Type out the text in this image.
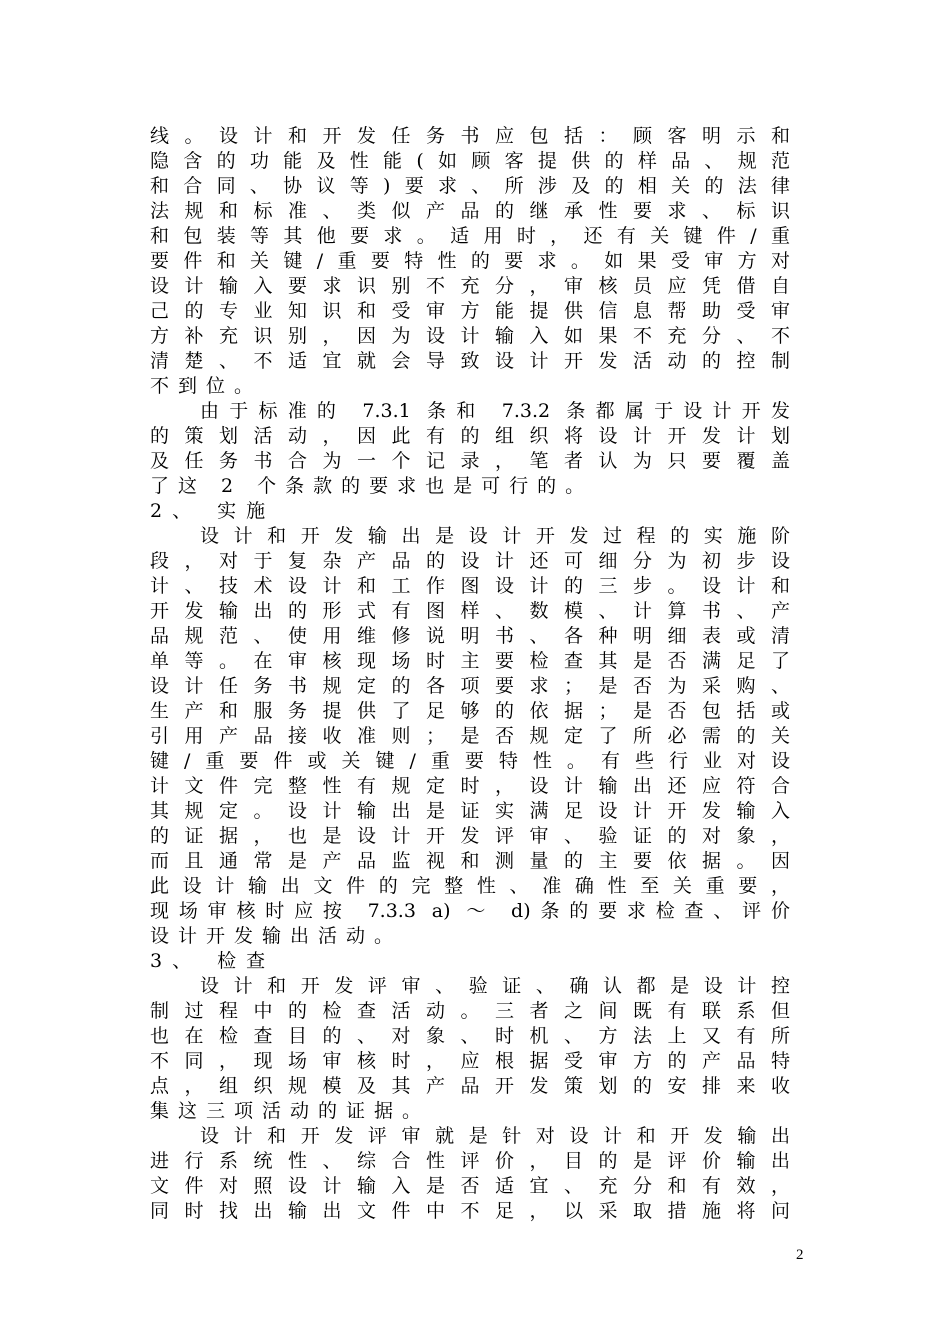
线。设计和开发任务书应包括：顾客明示和
隐含的功能及性能(如顾客提供的样品、规范
和合同、协议等)要求、所涉及的相关的法律
法规和标准、类似产品的继承性要求、标识
和包装等其他要求。适用时，还有关键件/重
要件和关键/重要特性的要求。如果受审方对
设计输入要求识别不充分，审核员应凭借自
己的专业知识和受审方能提供信息帮助受审
方补充识别，因为设计输入如果不充分、不
清楚、不适宜就会导致设计开发活动的控制
不到位。
由于标准的 7.3.1 条和 7.3.2 条都属于设计开发
的策划活动，因此有的组织将设计开发计划
及任务书合为一个记录，笔者认为只要覆盖
了这 2 个条款的要求也是可行的。
2、 实施
设计和开发输出是设计开发过程的实施阶
段，对于复杂产品的设计还可细分为初步设
计、技术设计和工作图设计的三步。设计和
开发输出的形式有图样、数模、计算书、产
品规范、使用维修说明书、各种明细表或清
单等。在审核现场时主要检查其是否满足了
设计任务书规定的各项要求；是否为采购、
生产和服务提供了足够的依据；是否包括或
引用产品接收准则；是否规定了所必需的关
键/重要件或关键/重要特性。有些行业对设
计文件完整性有规定时，设计输出还应符合
其规定。设计输出是证实满足设计开发输入
的证据，也是设计开发评审、验证的对象，
而且通常是产品监视和测量的主要依据。因
此设计输出文件的完整性、准确性至关重要，
现场审核时应按 7.3.3 a) ～ d)条的要求检查、评价
设计开发输出活动。
3、 检查
设计和开发评审、验证、确认都是设计控
制过程中的检查活动。三者之间既有联系但
也在检查目的、对象、时机、方法上又有所
不同，现场审核时，应根据受审方的产品特
点，组织规模及其产品开发策划的安排来收
集这三项活动的证据。
设计和开发评审就是针对设计和开发输出
进行系统性、综合性评价，目的是评价输出
文件对照设计输入是否适宜、充分和有效，
同时找出输出文件中不足，以采取措施将问
2
